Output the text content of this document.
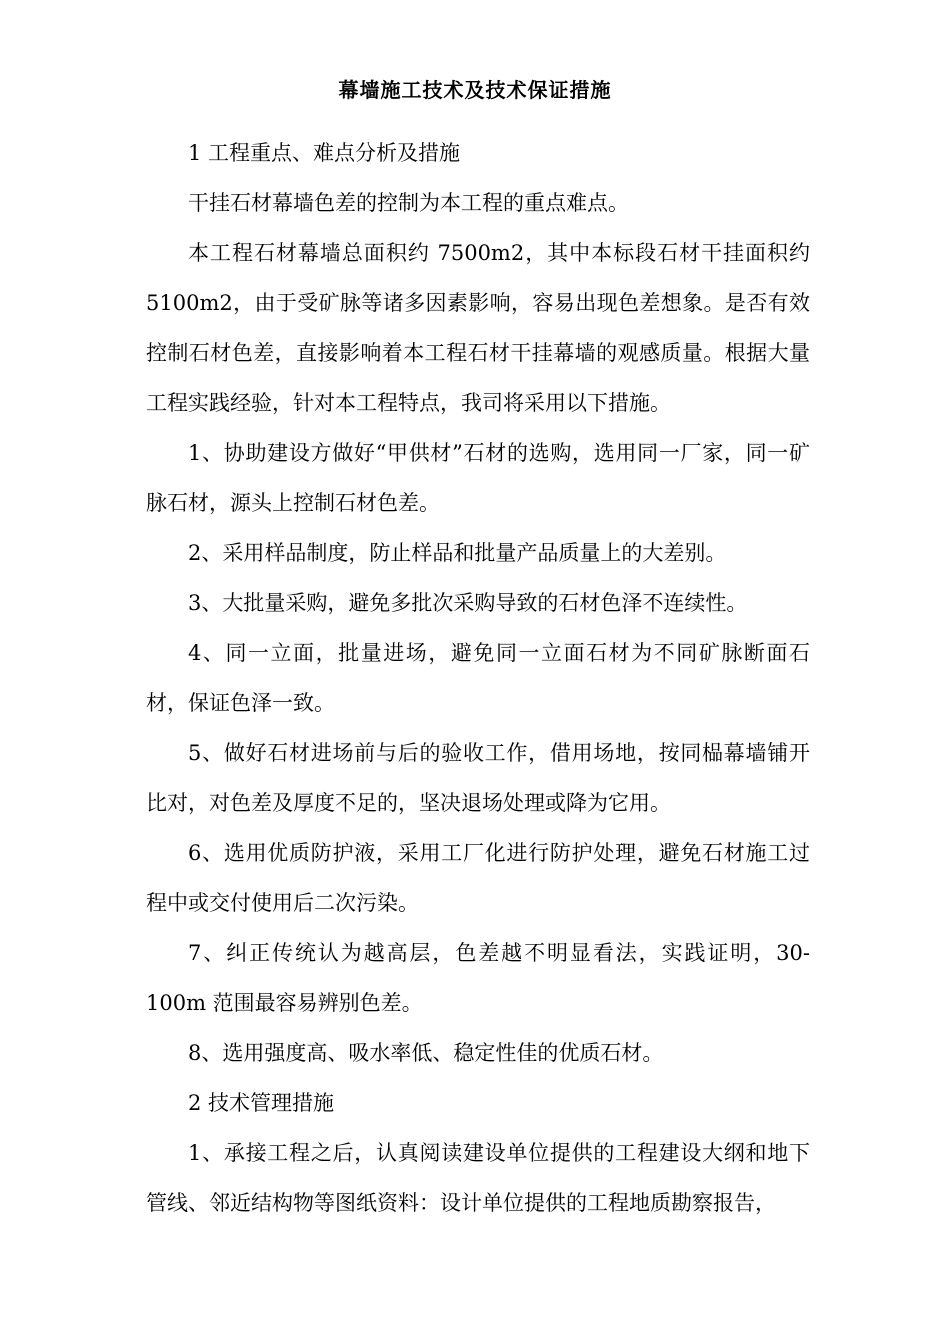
幕墙施工技术及技术保证措施

1 工程重点、难点分析及措施

干挂石材幕墙色差的控制为本工程的重点难点。

本工程石材幕墙总面积约 7500m2，其中本标段石材干挂面积约 5100m2，由于受矿脉等诸多因素影响，容易出现色差想象。是否有效控制石材色差，直接影响着本工程石材干挂幕墙的观感质量。根据大量工程实践经验，针对本工程特点，我司将采用以下措施。

1、协助建设方做好“甲供材”石材的选购，选用同一厂家，同一矿脉石材，源头上控制石材色差。

2、采用样品制度，防止样品和批量产品质量上的大差别。

3、大批量采购，避免多批次采购导致的石材色泽不连续性。

4、同一立面，批量进场，避免同一立面石材为不同矿脉断面石材，保证色泽一致。

5、做好石材进场前与后的验收工作，借用场地，按同榀幕墙铺开比对，对色差及厚度不足的，坚决退场处理或降为它用。

6、选用优质防护液，采用工厂化进行防护处理，避免石材施工过程中或交付使用后二次污染。

7、纠正传统认为越高层，色差越不明显看法，实践证明，30-100m 范围最容易辨别色差。

8、选用强度高、吸水率低、稳定性佳的优质石材。

2 技术管理措施

1、承接工程之后，认真阅读建设单位提供的工程建设大纲和地下管线、邻近结构物等图纸资料：设计单位提供的工程地质勘察报告，
